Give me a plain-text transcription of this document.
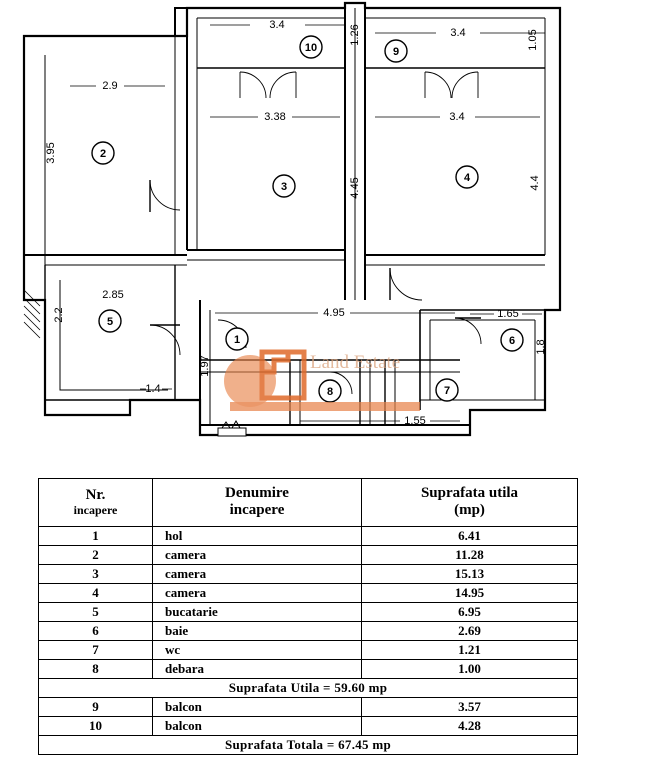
1
2
3
4
5
6
7
8
9
10
3.4	1.26	3.4	1.05
2.9
3.38	3.4
3.95
4.45	4.4
2.85
2.2	4.95	1.65
1.8
1.97
1.4
1.55
Land Estate
Nr.
incapere

Denumire
incapere

Suprafata utila
(mp)

1	hol	6.41
2	camera	11.28
3	camera	15.13
4	camera	14.95
5	bucatarie	6.95
6	baie	2.69
7	wc	1.21
8	debara	1.00
Suprafata Utila = 59.60 mp		
9	balcon	3.57
10	balcon	4.28
Suprafata Totala = 67.45 mp		
